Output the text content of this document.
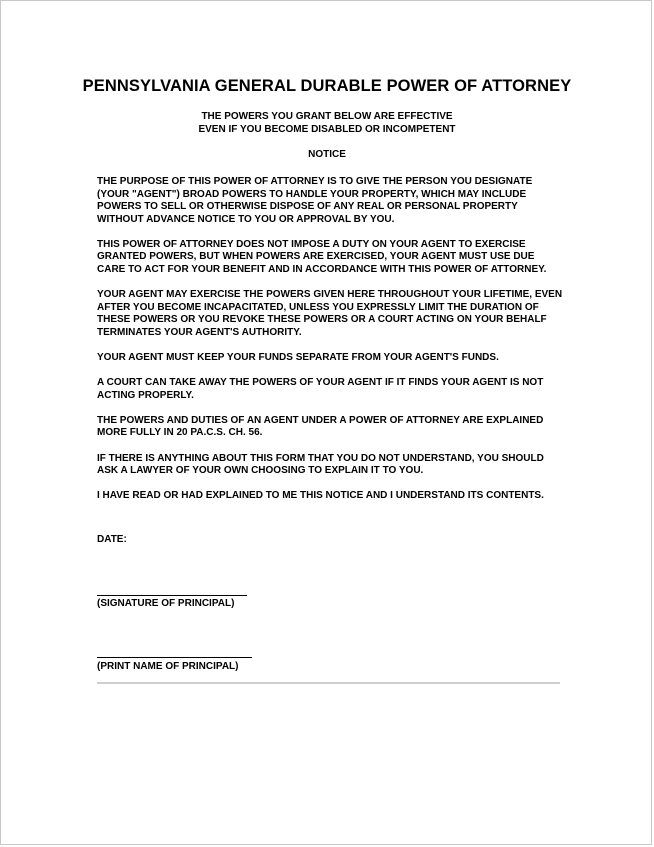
PENNSYLVANIA GENERAL DURABLE POWER OF ATTORNEY
THE POWERS YOU GRANT BELOW ARE EFFECTIVE
EVEN IF YOU BECOME DISABLED OR INCOMPETENT
NOTICE

THE PURPOSE OF THIS POWER OF ATTORNEY IS TO GIVE THE PERSON YOU DESIGNATE (YOUR "AGENT") BROAD POWERS TO HANDLE YOUR PROPERTY, WHICH MAY INCLUDE POWERS TO SELL OR OTHERWISE DISPOSE OF ANY REAL OR PERSONAL PROPERTY WITHOUT ADVANCE NOTICE TO YOU OR APPROVAL BY YOU.

THIS POWER OF ATTORNEY DOES NOT IMPOSE A DUTY ON YOUR AGENT TO EXERCISE GRANTED POWERS, BUT WHEN POWERS ARE EXERCISED, YOUR AGENT MUST USE DUE CARE TO ACT FOR YOUR BENEFIT AND IN ACCORDANCE WITH THIS POWER OF ATTORNEY.

YOUR AGENT MAY EXERCISE THE POWERS GIVEN HERE THROUGHOUT YOUR LIFETIME, EVEN AFTER YOU BECOME INCAPACITATED, UNLESS YOU EXPRESSLY LIMIT THE DURATION OF THESE POWERS OR YOU REVOKE THESE POWERS OR A COURT ACTING ON YOUR BEHALF TERMINATES YOUR AGENT'S AUTHORITY.

YOUR AGENT MUST KEEP YOUR FUNDS SEPARATE FROM YOUR AGENT'S FUNDS.

A COURT CAN TAKE AWAY THE POWERS OF YOUR AGENT IF IT FINDS YOUR AGENT IS NOT ACTING PROPERLY.

THE POWERS AND DUTIES OF AN AGENT UNDER A POWER OF ATTORNEY ARE EXPLAINED MORE FULLY IN 20 PA.C.S. CH. 56.

IF THERE IS ANYTHING ABOUT THIS FORM THAT YOU DO NOT UNDERSTAND, YOU SHOULD ASK A LAWYER OF YOUR OWN CHOOSING TO EXPLAIN IT TO YOU.

I HAVE READ OR HAD EXPLAINED TO ME THIS NOTICE AND I UNDERSTAND ITS CONTENTS.

DATE:
(SIGNATURE OF PRINCIPAL)
(PRINT NAME OF PRINCIPAL)
